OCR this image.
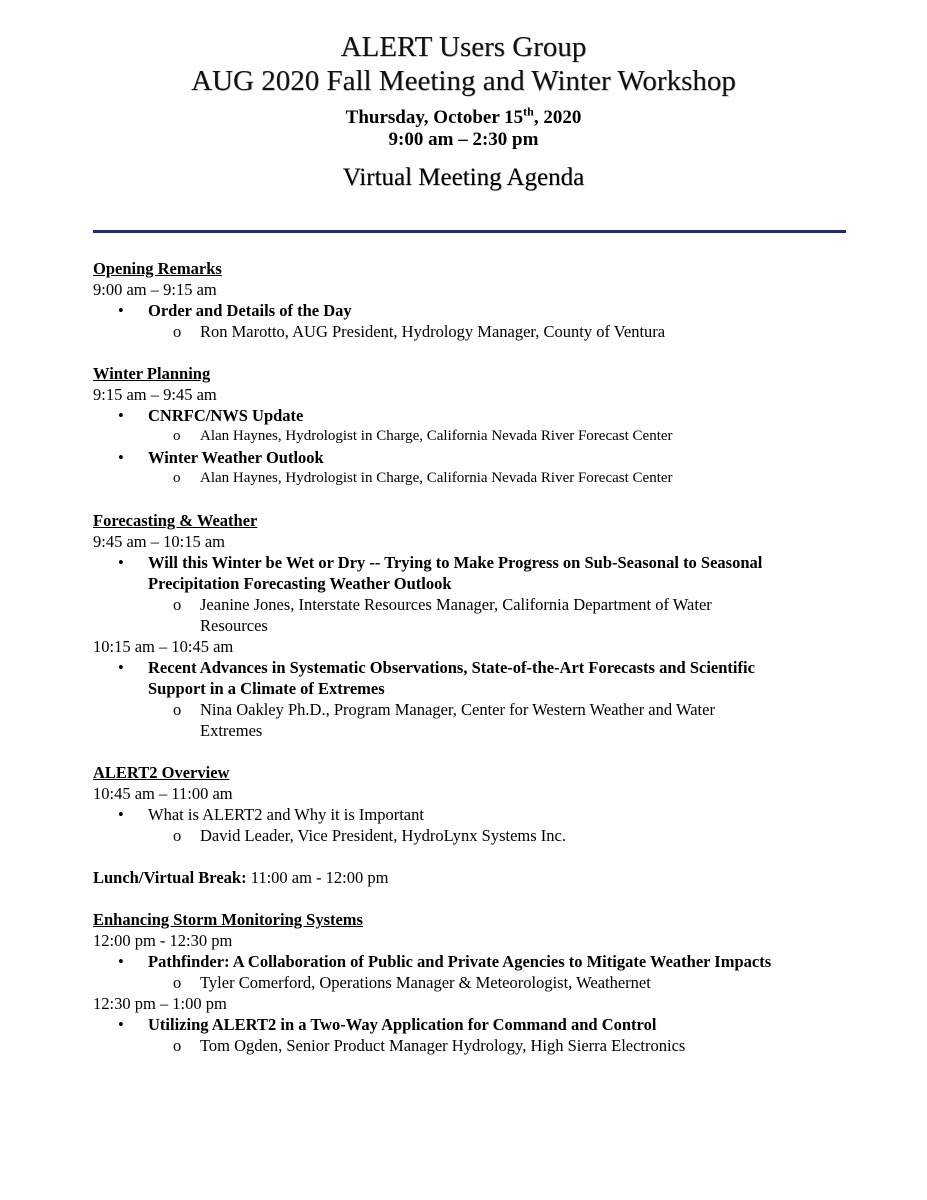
ALERT Users Group
AUG 2020 Fall Meeting and Winter Workshop
Thursday, October 15th, 2020
9:00 am – 2:30 pm
Virtual Meeting Agenda
Opening Remarks
9:00 am – 9:15 am
• Order and Details of the Day
o Ron Marotto, AUG President, Hydrology Manager, County of Ventura
Winter Planning
9:15 am – 9:45 am
• CNRFC/NWS Update
o Alan Haynes, Hydrologist in Charge, California Nevada River Forecast Center
• Winter Weather Outlook
o Alan Haynes, Hydrologist in Charge, California Nevada River Forecast Center
Forecasting & Weather
9:45 am – 10:15 am
• Will this Winter be Wet or Dry -- Trying to Make Progress on Sub-Seasonal to Seasonal
Precipitation Forecasting Weather Outlook
o Jeanine Jones, Interstate Resources Manager, California Department of Water
Resources
10:15 am – 10:45 am
• Recent Advances in Systematic Observations, State-of-the-Art Forecasts and Scientific
Support in a Climate of Extremes
o Nina Oakley Ph.D., Program Manager, Center for Western Weather and Water
Extremes
ALERT2 Overview
10:45 am – 11:00 am
• What is ALERT2 and Why it is Important
o David Leader, Vice President, HydroLynx Systems Inc.
Lunch/Virtual Break: 11:00 am - 12:00 pm
Enhancing Storm Monitoring Systems
12:00 pm - 12:30 pm
• Pathfinder: A Collaboration of Public and Private Agencies to Mitigate Weather Impacts
o Tyler Comerford, Operations Manager & Meteorologist, Weathernet
12:30 pm – 1:00 pm
• Utilizing ALERT2 in a Two-Way Application for Command and Control
o Tom Ogden, Senior Product Manager Hydrology, High Sierra Electronics
